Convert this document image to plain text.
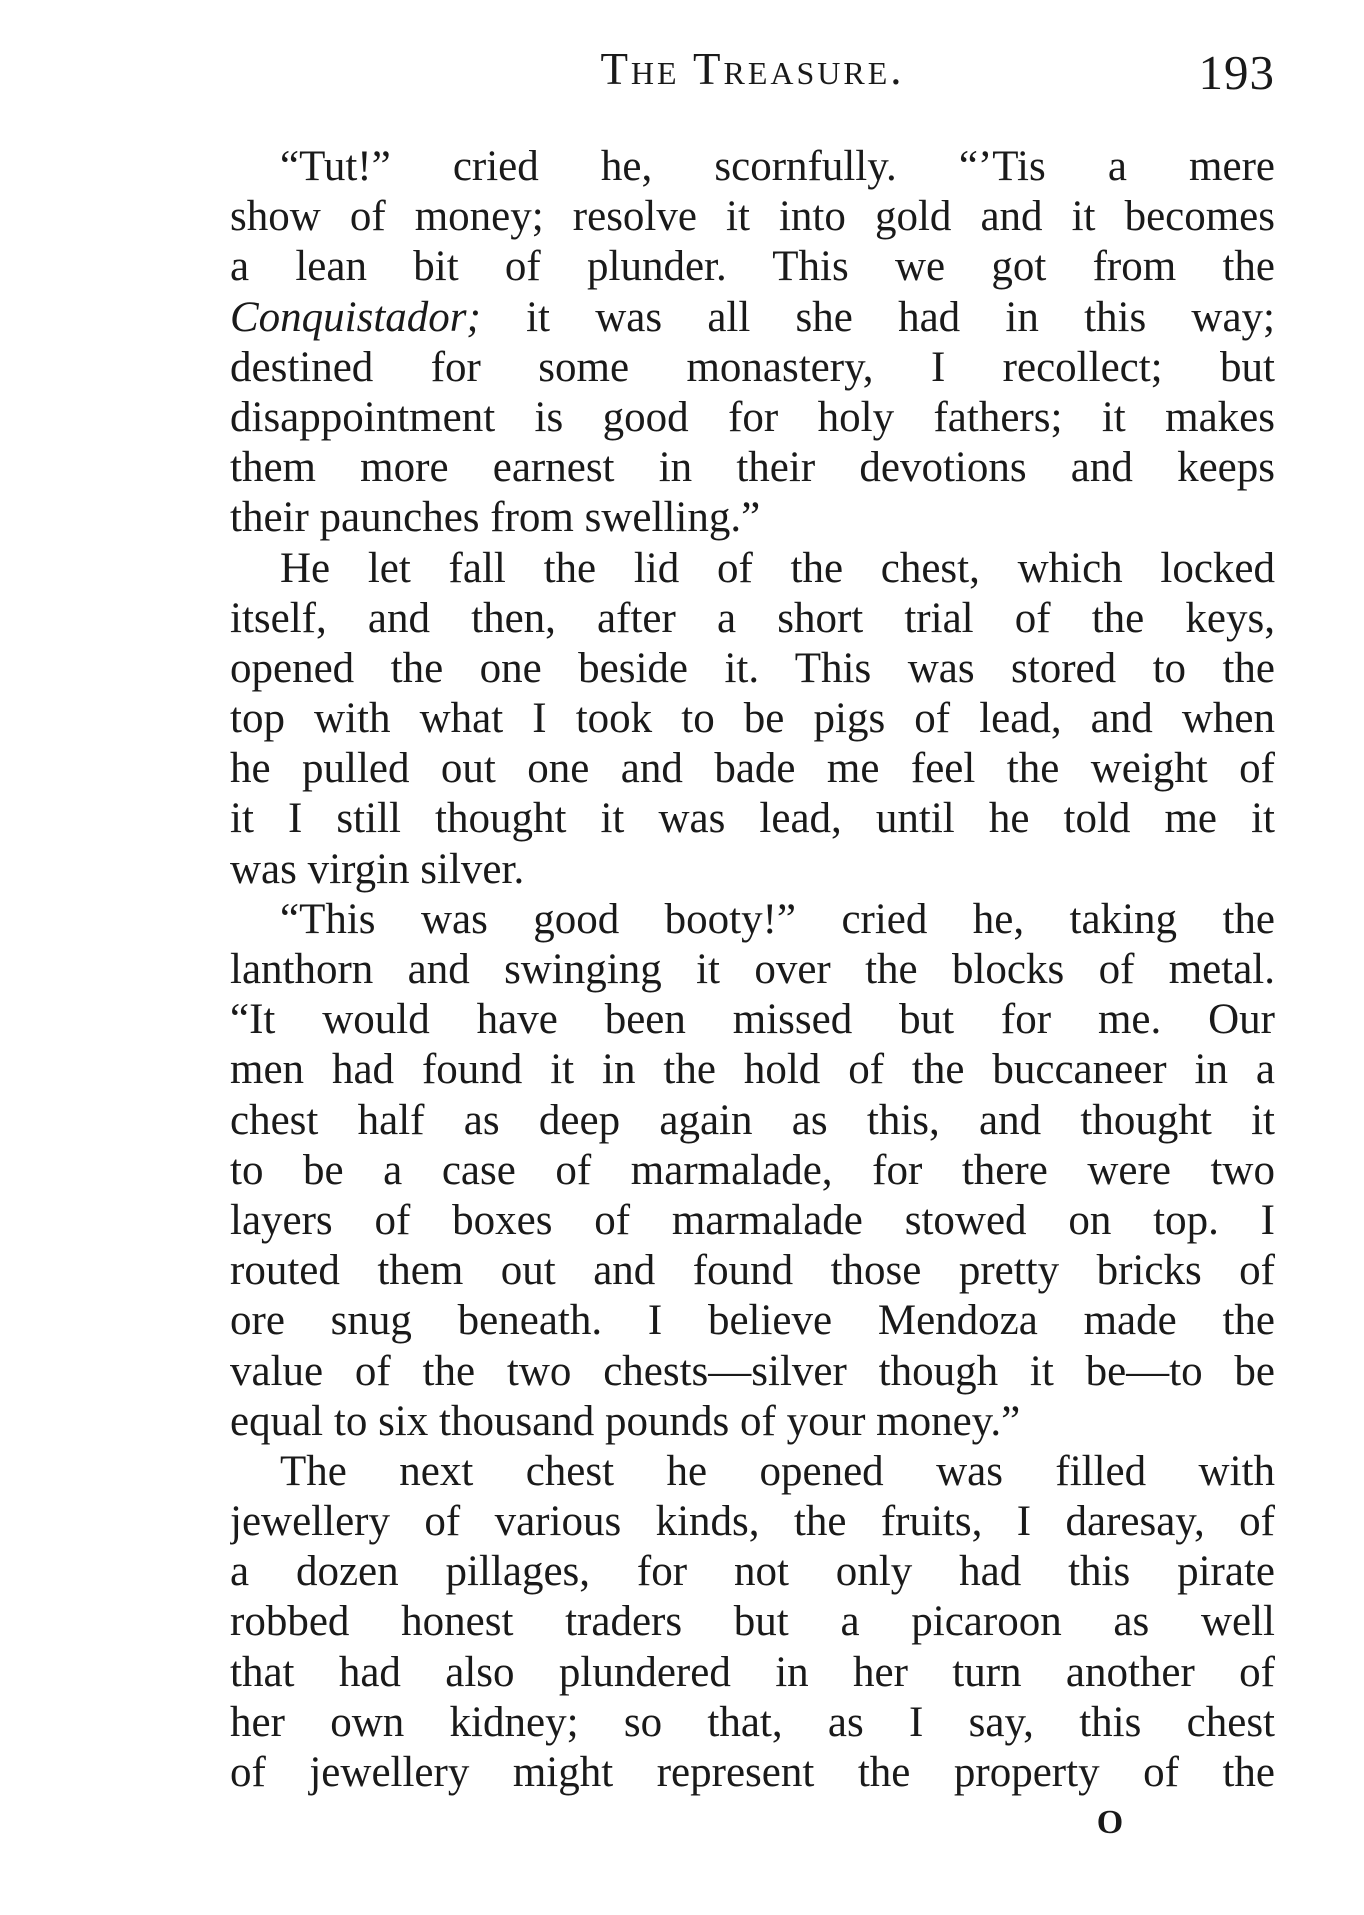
The Treasure.	193
“Tut!” cried he, scornfully. “’Tis a mere
show of money; resolve it into gold and it becomes
a lean bit of plunder. This we got from the
Conquistador; it was all she had in this way;
destined for some monastery, I recollect; but
disappointment is good for holy fathers; it makes
them more earnest in their devotions and keeps
their paunches from swelling.”
He let fall the lid of the chest, which locked
itself, and then, after a short trial of the keys,
opened the one beside it. This was stored to the
top with what I took to be pigs of lead, and when
he pulled out one and bade me feel the weight of
it I still thought it was lead, until he told me it
was virgin silver.
“This was good booty!” cried he, taking the
lanthorn and swinging it over the blocks of metal.
“It would have been missed but for me. Our
men had found it in the hold of the buccaneer in a
chest half as deep again as this, and thought it
to be a case of marmalade, for there were two
layers of boxes of marmalade stowed on top. I
routed them out and found those pretty bricks of
ore snug beneath. I believe Mendoza made the
value of the two chests—silver though it be—to be
equal to six thousand pounds of your money.”
The next chest he opened was filled with
jewellery of various kinds, the fruits, I daresay, of
a dozen pillages, for not only had this pirate
robbed honest traders but a picaroon as well
that had also plundered in her turn another of
her own kidney; so that, as I say, this chest
of jewellery might represent the property of the
O
